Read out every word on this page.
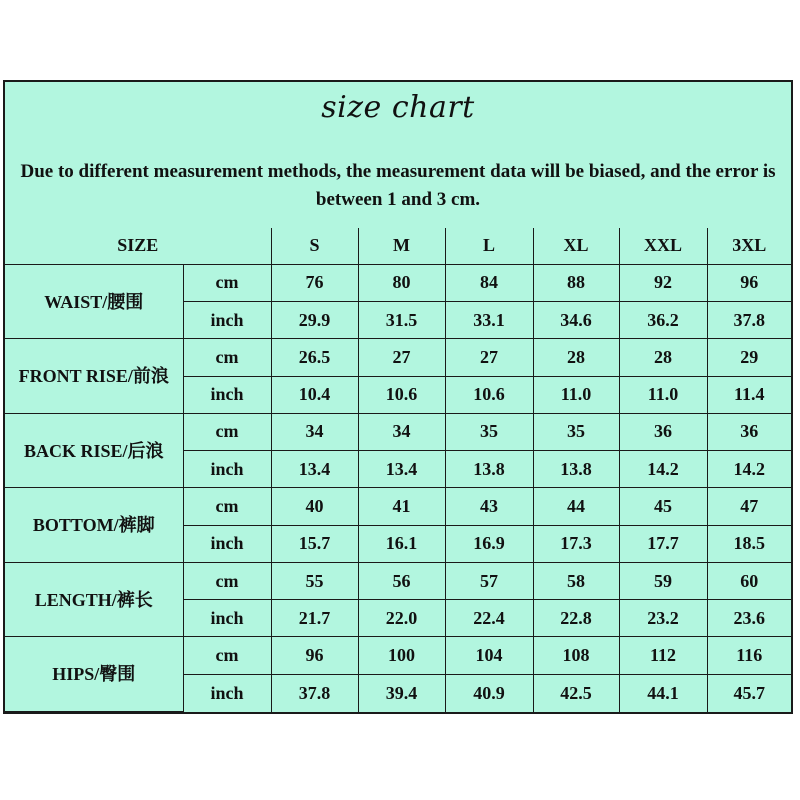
size chart
Due to different measurement methods, the measurement data will be biased, and the error is between 1 and 3 cm.
SIZE		S	M	L	XL	XXL	3XL
WAIST/腰围	cm	76	80	84	88	92	96
	inch	29.9	31.5	33.1	34.6	36.2	37.8
FRONT RISE/前浪	cm	26.5	27	27	28	28	29
	inch	10.4	10.6	10.6	11.0	11.0	11.4
BACK RISE/后浪	cm	34	34	35	35	36	36
	inch	13.4	13.4	13.8	13.8	14.2	14.2
BOTTOM/裤脚	cm	40	41	43	44	45	47
	inch	15.7	16.1	16.9	17.3	17.7	18.5
LENGTH/裤长	cm	55	56	57	58	59	60
	inch	21.7	22.0	22.4	22.8	23.2	23.6
HIPS/臀围	cm	96	100	104	108	112	116
	inch	37.8	39.4	40.9	42.5	44.1	45.7
